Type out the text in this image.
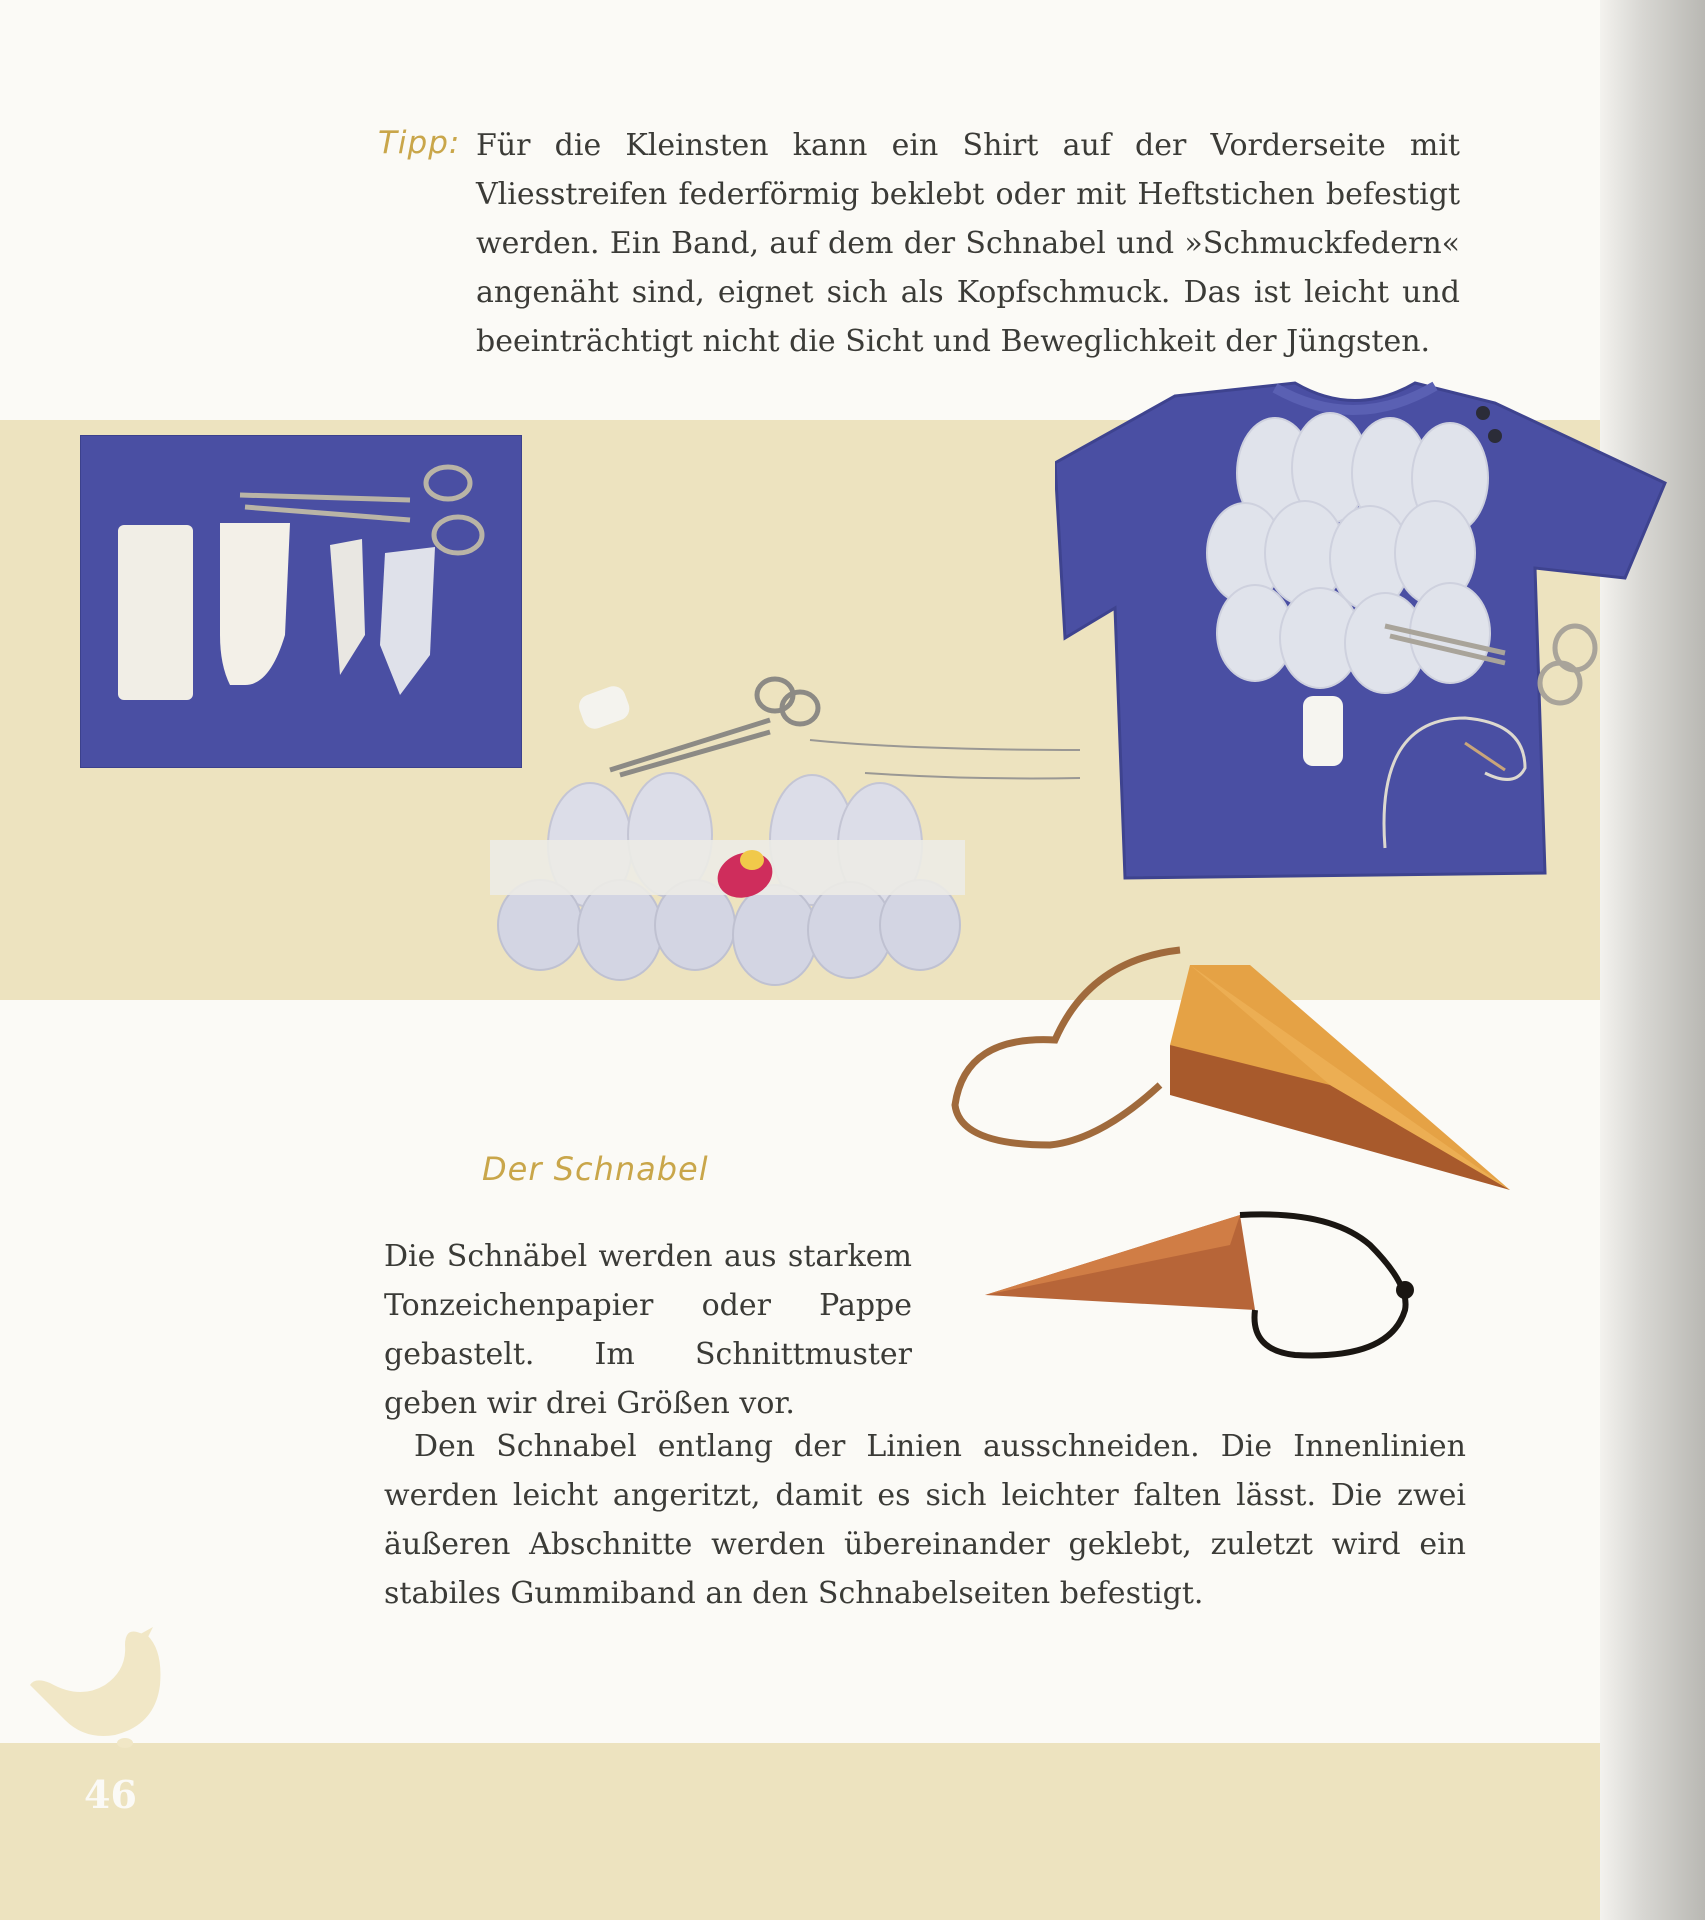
Tipp: Für die Kleinsten kann ein Shirt auf der Vorderseite mit Vliesstreifen federförmig beklebt oder mit Heftstichen befestigt werden. Ein Band, auf dem der Schnabel und »Schmuckfedern« angenäht sind, eignet sich als Kopfschmuck. Das ist leicht und beeinträchtigt nicht die Sicht und Beweglichkeit der Jüngsten.
Der Schnabel
Die Schnäbel werden aus starkem Tonzeichenpapier oder Pappe gebastelt. Im Schnittmuster geben wir drei Größen vor.
Den Schnabel entlang der Linien ausschneiden. Die Innenlinien werden leicht angeritzt, damit es sich leichter falten lässt. Die zwei äußeren Abschnitte werden übereinander geklebt, zuletzt wird ein stabiles Gummiband an den Schnabelseiten befestigt.
46
